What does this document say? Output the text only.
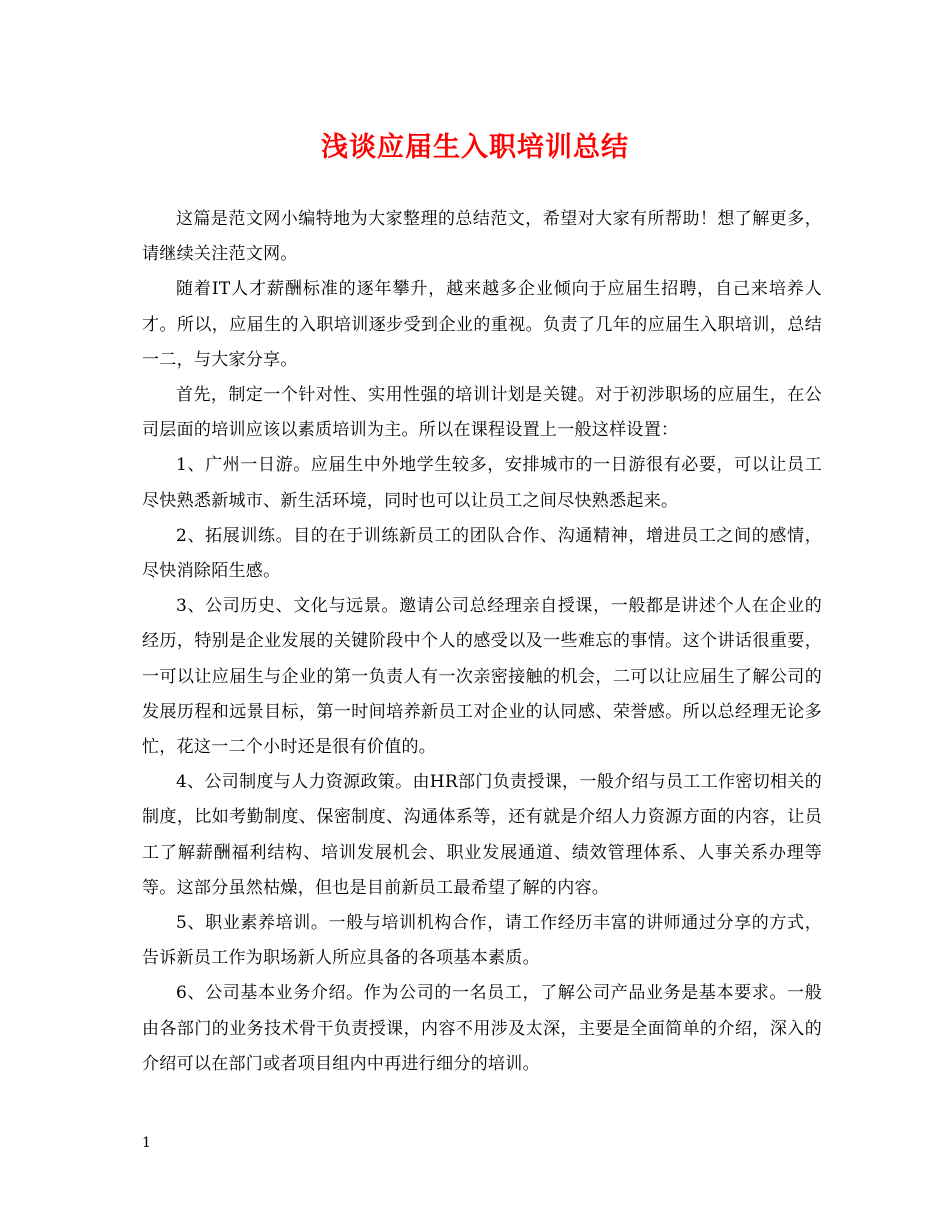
浅谈应届生入职培训总结

这篇是范文网小编特地为大家整理的总结范文，希望对大家有所帮助！想了解更多，请继续关注范文网。

随着IT人才薪酬标准的逐年攀升，越来越多企业倾向于应届生招聘，自己来培养人才。所以，应届生的入职培训逐步受到企业的重视。负责了几年的应届生入职培训，总结一二，与大家分享。

首先，制定一个针对性、实用性强的培训计划是关键。对于初涉职场的应届生，在公司层面的培训应该以素质培训为主。所以在课程设置上一般这样设置：

1、广州一日游。应届生中外地学生较多，安排城市的一日游很有必要，可以让员工尽快熟悉新城市、新生活环境，同时也可以让员工之间尽快熟悉起来。

2、拓展训练。目的在于训练新员工的团队合作、沟通精神，增进员工之间的感情，尽快消除陌生感。

3、公司历史、文化与远景。邀请公司总经理亲自授课，一般都是讲述个人在企业的经历，特别是企业发展的关键阶段中个人的感受以及一些难忘的事情。这个讲话很重要，一可以让应届生与企业的第一负责人有一次亲密接触的机会，二可以让应届生了解公司的发展历程和远景目标，第一时间培养新员工对企业的认同感、荣誉感。所以总经理无论多忙，花这一二个小时还是很有价值的。

4、公司制度与人力资源政策。由HR部门负责授课，一般介绍与员工工作密切相关的制度，比如考勤制度、保密制度、沟通体系等，还有就是介绍人力资源方面的内容，让员工了解薪酬福利结构、培训发展机会、职业发展通道、绩效管理体系、人事关系办理等等。这部分虽然枯燥，但也是目前新员工最希望了解的内容。

5、职业素养培训。一般与培训机构合作，请工作经历丰富的讲师通过分享的方式，告诉新员工作为职场新人所应具备的各项基本素质。

6、公司基本业务介绍。作为公司的一名员工，了解公司产品业务是基本要求。一般由各部门的业务技术骨干负责授课，内容不用涉及太深，主要是全面简单的介绍，深入的介绍可以在部门或者项目组内中再进行细分的培训。

1
